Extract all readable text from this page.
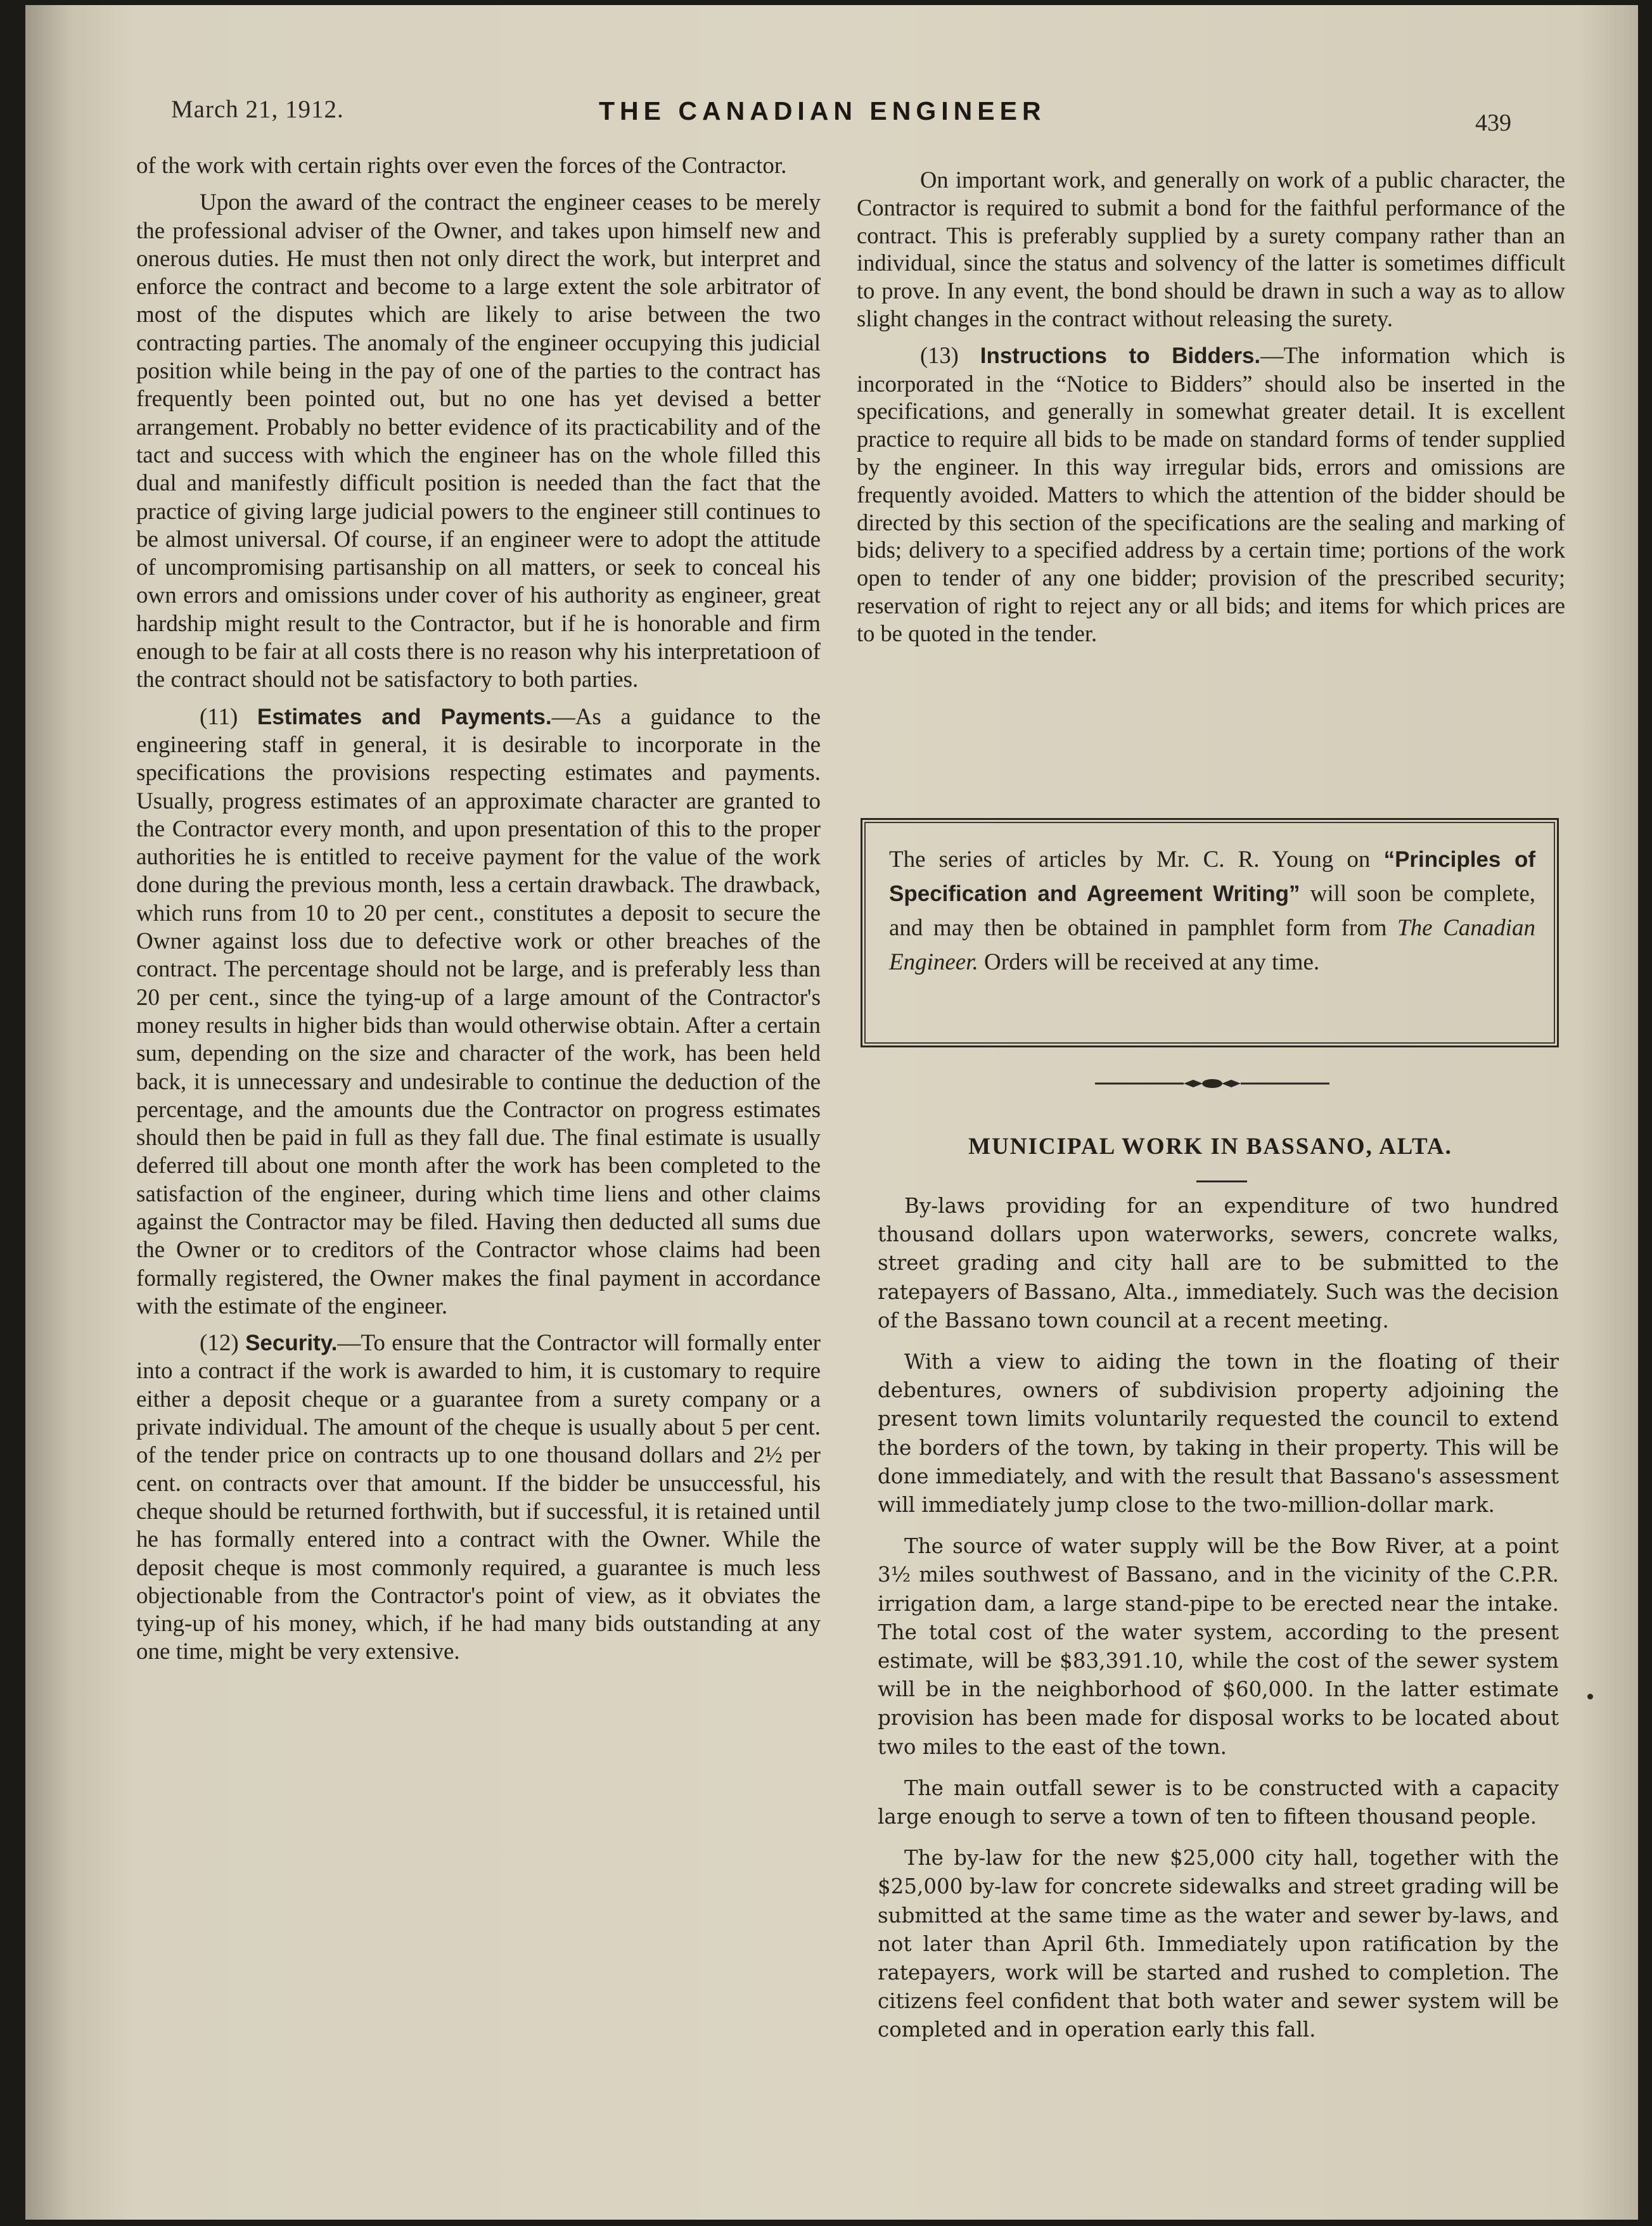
March 21, 1912.	THE CANADIAN ENGINEER	439

of the work with certain rights over even the forces of the Contractor.

Upon the award of the contract the engineer ceases to be merely the professional adviser of the Owner, and takes upon himself new and onerous duties. He must then not only direct the work, but interpret and enforce the contract and become to a large extent the sole arbitrator of most of the disputes which are likely to arise between the two contracting parties. The anomaly of the engineer occupying this judicial position while being in the pay of one of the parties to the contract has frequently been pointed out, but no one has yet devised a better arrangement. Probably no better evidence of its practicability and of the tact and success with which the engineer has on the whole filled this dual and manifestly difficult position is needed than the fact that the practice of giving large judicial powers to the engineer still continues to be almost universal. Of course, if an engineer were to adopt the attitude of uncompromising partisanship on all matters, or seek to conceal his own errors and omissions under cover of his authority as engineer, great hardship might result to the Contractor, but if he is honorable and firm enough to be fair at all costs there is no reason why his interpretatioon of the contract should not be satisfactory to both parties.

(11) Estimates and Payments.—As a guidance to the engineering staff in general, it is desirable to incorporate in the specifications the provisions respecting estimates and payments. Usually, progress estimates of an approximate character are granted to the Contractor every month, and upon presentation of this to the proper authorities he is entitled to receive payment for the value of the work done during the previous month, less a certain drawback. The drawback, which runs from 10 to 20 per cent., constitutes a deposit to secure the Owner against loss due to defective work or other breaches of the contract. The percentage should not be large, and is preferably less than 20 per cent., since the tying-up of a large amount of the Contractor's money results in higher bids than would otherwise obtain. After a certain sum, depending on the size and character of the work, has been held back, it is unnecessary and undesirable to continue the deduction of the percentage, and the amounts due the Contractor on progress estimates should then be paid in full as they fall due. The final estimate is usually deferred till about one month after the work has been completed to the satisfaction of the engineer, during which time liens and other claims against the Contractor may be filed. Having then deducted all sums due the Owner or to creditors of the Contractor whose claims had been formally registered, the Owner makes the final payment in accordance with the estimate of the engineer.

(12) Security.—To ensure that the Contractor will formally enter into a contract if the work is awarded to him, it is customary to require either a deposit cheque or a guarantee from a surety company or a private individual. The amount of the cheque is usually about 5 per cent. of the tender price on contracts up to one thousand dollars and 2½ per cent. on contracts over that amount. If the bidder be unsuccessful, his cheque should be returned forthwith, but if successful, it is retained until he has formally entered into a contract with the Owner. While the deposit cheque is most commonly required, a guarantee is much less objectionable from the Contractor's point of view, as it obviates the tying-up of his money, which, if he had many bids outstanding at any one time, might be very extensive.

On important work, and generally on work of a public character, the Contractor is required to submit a bond for the faithful performance of the contract. This is preferably supplied by a surety company rather than an individual, since the status and solvency of the latter is sometimes difficult to prove. In any event, the bond should be drawn in such a way as to allow slight changes in the contract without releasing the surety.

(13) Instructions to Bidders.—The information which is incorporated in the “Notice to Bidders” should also be inserted in the specifications, and generally in somewhat greater detail. It is excellent practice to require all bids to be made on standard forms of tender supplied by the engineer. In this way irregular bids, errors and omissions are frequently avoided. Matters to which the attention of the bidder should be directed by this section of the specifications are the sealing and marking of bids; delivery to a specified address by a certain time; portions of the work open to tender of any one bidder; provision of the prescribed security; reservation of right to reject any or all bids; and items for which prices are to be quoted in the tender.

The series of articles by Mr. C. R. Young on “Principles of Specification and Agreement Writing” will soon be complete, and may then be obtained in pamphlet form from The Canadian Engineer. Orders will be received at any time.
MUNICIPAL WORK IN BASSANO, ALTA.

By-laws providing for an expenditure of two hundred thousand dollars upon waterworks, sewers, concrete walks, street grading and city hall are to be submitted to the ratepayers of Bassano, Alta., immediately. Such was the decision of the Bassano town council at a recent meeting.

With a view to aiding the town in the floating of their debentures, owners of subdivision property adjoining the present town limits voluntarily requested the council to extend the borders of the town, by taking in their property. This will be done immediately, and with the result that Bassano's assessment will immediately jump close to the two-million-dollar mark.

The source of water supply will be the Bow River, at a point 3½ miles southwest of Bassano, and in the vicinity of the C.P.R. irrigation dam, a large stand-pipe to be erected near the intake. The total cost of the water system, according to the present estimate, will be $83,391.10, while the cost of the sewer system will be in the neighborhood of $60,000. In the latter estimate provision has been made for disposal works to be located about two miles to the east of the town.

The main outfall sewer is to be constructed with a capacity large enough to serve a town of ten to fifteen thousand people.

The by-law for the new $25,000 city hall, together with the $25,000 by-law for concrete sidewalks and street grading will be submitted at the same time as the water and sewer by-laws, and not later than April 6th. Immediately upon ratification by the ratepayers, work will be started and rushed to completion. The citizens feel confident that both water and sewer system will be completed and in operation early this fall.
